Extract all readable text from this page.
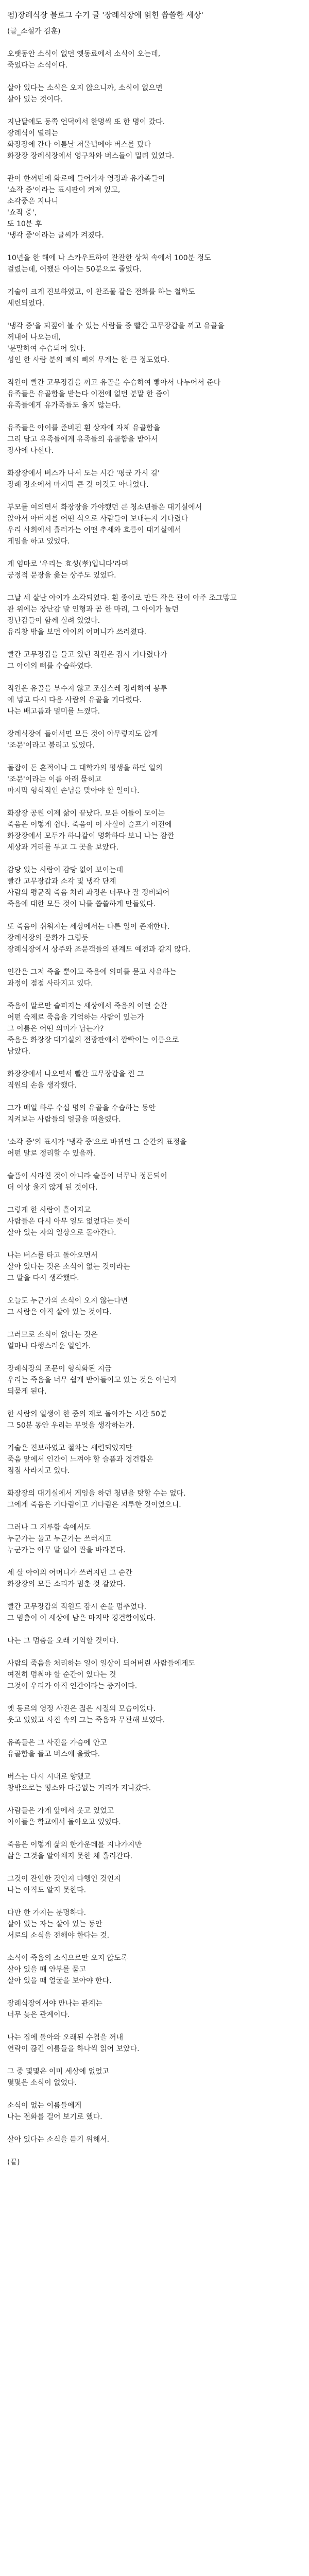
펌)장례식장 블로그 수기 글 '장례식장에 얽힌 씁쓸한 세상'
(글_소설가 김훈)
오랫동안 소식이 없던 옛동료에서 소식이 오는데,
죽었다는 소식이다.
살아 있다는 소식은 오지 않으니까, 소식이 없으면
살아 있는 것이다.
지난달에도 동쪽 언덕에서 한명씩 또 한 명이 갔다.
장례식이 열리는
화장장에 간다 이튿날 저물녘에야 버스를 탔다
화장장 장례식장에서 영구차와 버스들이 밀려 있었다.
관이 한꺼번에 화로에 들어가자 영정과 유가족들이
'쇼작 중'이라는 표시판이 켜져 있고,
소각중은 지나니
'쇼작 중',
또 10분 후
'냉각 중'이라는 글씨가 켜졌다.
10년을 한 해에 나 스카우트하여 잔잔한 상처 속에서 100분 정도
걸렸는데, 어쨌든 아이는 50분으로 줄었다.
기술이 크게 진보하였고, 이 찬조물 같은 전화를 하는 철학도
세련되었다.
'냉각 중'을 되짚어 볼 수 있는 사람들 중 빨간 고무장갑을 끼고 유골을
꺼내어 나오는데,
'분말하여 수습되어 있다.
성인 한 사람 분의 뼈의 뼈의 무게는 한 큰 정도였다.
직원이 빨간 고무장갑을 끼고 유골을 수습하여 빻아서 나누어서 준다
유족들은 유골함을 받는다 이전에 없던 분말 한 줌이
유족들에게 유가족들도 울지 않는다.
유족들은 아이를 준비된 흰 상자에 자체 유골함을
그리 담고 유족들에게 유족들의 유골함을 받아서
장사에 나선다.
화장장에서 버스가 나서 도는 시간 '평균 가시 길'
장례 장소에서 마지막 큰 것 이것도 아니었다.
부모를 여의면서 화장장을 가야했던 큰 청소년들은 대기실에서
앉아서 아버지를 어떤 식으로 사람들이 보내는지 기다렸다
우리 사회에서 흘러가는 어떤 추세와 흐름이 대기실에서
게임을 하고 있었다.
게 엄마로 '우리는 효성(孝)입니다'라며
긍정적 문장을 읊는 상주도 있었다.
그날 세 살난 아이가 소각되었다. 흰 종이로 만든 작은 관이 아주 조그맣고
관 위에는 장난감 말 인형과 곰 한 마리, 그 아이가 놀던
장난감들이 함께 실려 있었다.
유리창 밖을 보던 아이의 어머니가 쓰러졌다.
빨간 고무장갑을 들고 있던 직원은 잠시 기다렸다가
그 아이의 뼈를 수습하였다.
직원은 유골을 부수지 않고 조심스레 정리하여 봉투
에 넣고 다시 다음 사람의 유골을 기다렸다.
나는 배고픔과 멀미를 느꼈다.
장례식장에 들어서면 모든 것이 아무렇지도 않게
'조문'이라고 불리고 있었다.
돌잡이 돈 흔적이나 그 대학가의 평생을 하던 일의
'조문'이라는 이름 아래 묻히고
마지막 형식적인 손님을 맞아야 할 일이다.
화장장 공원 이제 삶이 끝났다. 모든 이들이 모이는
죽음은 이렇게 쉽다. 죽음이 이 사실이 슬프기 이전에
화장장에서 모두가 하나같이 명확하다 보니 나는 잠깐
세상과 거리를 두고 그 곳을 보았다.
감당 있는 사람이 감당 없어 보이는데
빨간 고무장갑과 소각 및 냉각 단계
사람의 평균적 죽음 처리 과정은 너무나 잘 정비되어
죽음에 대한 모든 것이 나를 씁쓸하게 만들었다.
또 죽음이 쉬워지는 세상에서는 다른 일이 존재한다.
장례식장의 문화가 그렇듯
장례식장에서 상주와 조문객들의 관계도 예전과 같지 않다.
인간은 그저 죽을 뿐이고 죽음에 의미를 묻고 사유하는
과정이 점점 사라지고 있다.
죽음이 말로만 슬퍼지는 세상에서 죽음의 어떤 순간
어떤 숙제로 죽음을 기억하는 사람이 있는가
그 이름은 어떤 의미가 남는가?
죽음은 화장장 대기실의 전광판에서 깜빡이는 이름으로
남았다.
화장장에서 나오면서 빨간 고무장갑을 낀 그
직원의 손을 생각했다.
그가 매일 하루 수십 명의 유골을 수습하는 동안
지켜보는 사람들의 얼굴을 떠올렸다.
'소각 중'의 표시가 '냉각 중'으로 바뀌던 그 순간의 표정을
어떤 말로 정리할 수 있을까.
슬픔이 사라진 것이 아니라 슬픔이 너무나 정돈되어
더 이상 울지 않게 된 것이다.
그렇게 한 사람이 흩어지고
사람들은 다시 아무 일도 없었다는 듯이
살아 있는 자의 일상으로 돌아간다.
나는 버스를 타고 돌아오면서
살아 있다는 것은 소식이 없는 것이라는
그 말을 다시 생각했다.
오늘도 누군가의 소식이 오지 않는다면
그 사람은 아직 살아 있는 것이다.
그러므로 소식이 없다는 것은
얼마나 다행스러운 일인가.
장례식장의 조문이 형식화된 지금
우리는 죽음을 너무 쉽게 받아들이고 있는 것은 아닌지
되묻게 된다.
한 사람의 일생이 한 줌의 재로 돌아가는 시간 50분
그 50분 동안 우리는 무엇을 생각하는가.
기술은 진보하였고 절차는 세련되었지만
죽음 앞에서 인간이 느껴야 할 슬픔과 경건함은
점점 사라지고 있다.
화장장의 대기실에서 게임을 하던 청년을 탓할 수는 없다.
그에게 죽음은 기다림이고 기다림은 지루한 것이었으니.
그러나 그 지루함 속에서도
누군가는 울고 누군가는 쓰러지고
누군가는 아무 말 없이 관을 바라본다.
세 살 아이의 어머니가 쓰러지던 그 순간
화장장의 모든 소리가 멈춘 것 같았다.
빨간 고무장갑의 직원도 잠시 손을 멈추었다.
그 멈춤이 이 세상에 남은 마지막 경건함이었다.
나는 그 멈춤을 오래 기억할 것이다.
사람의 죽음을 처리하는 일이 일상이 되어버린 사람들에게도
여전히 멈춰야 할 순간이 있다는 것
그것이 우리가 아직 인간이라는 증거이다.
옛 동료의 영정 사진은 젊은 시절의 모습이었다.
웃고 있었고 사진 속의 그는 죽음과 무관해 보였다.
유족들은 그 사진을 가슴에 안고
유골함을 들고 버스에 올랐다.
버스는 다시 시내로 향했고
창밖으로는 평소와 다름없는 거리가 지나갔다.
사람들은 가게 앞에서 웃고 있었고
아이들은 학교에서 돌아오고 있었다.
죽음은 이렇게 삶의 한가운데를 지나가지만
삶은 그것을 알아채지 못한 채 흘러간다.
그것이 잔인한 것인지 다행인 것인지
나는 아직도 알지 못한다.
다만 한 가지는 분명하다.
살아 있는 자는 살아 있는 동안
서로의 소식을 전해야 한다는 것.
소식이 죽음의 소식으로만 오지 않도록
살아 있을 때 안부를 묻고
살아 있을 때 얼굴을 보아야 한다.
장례식장에서야 만나는 관계는
너무 늦은 관계이다.
나는 집에 돌아와 오래된 수첩을 꺼내
연락이 끊긴 이름들을 하나씩 읽어 보았다.
그 중 몇몇은 이미 세상에 없었고
몇몇은 소식이 없었다.
소식이 없는 이름들에게
나는 전화를 걸어 보기로 했다.
살아 있다는 소식을 듣기 위해서.
(끝)
